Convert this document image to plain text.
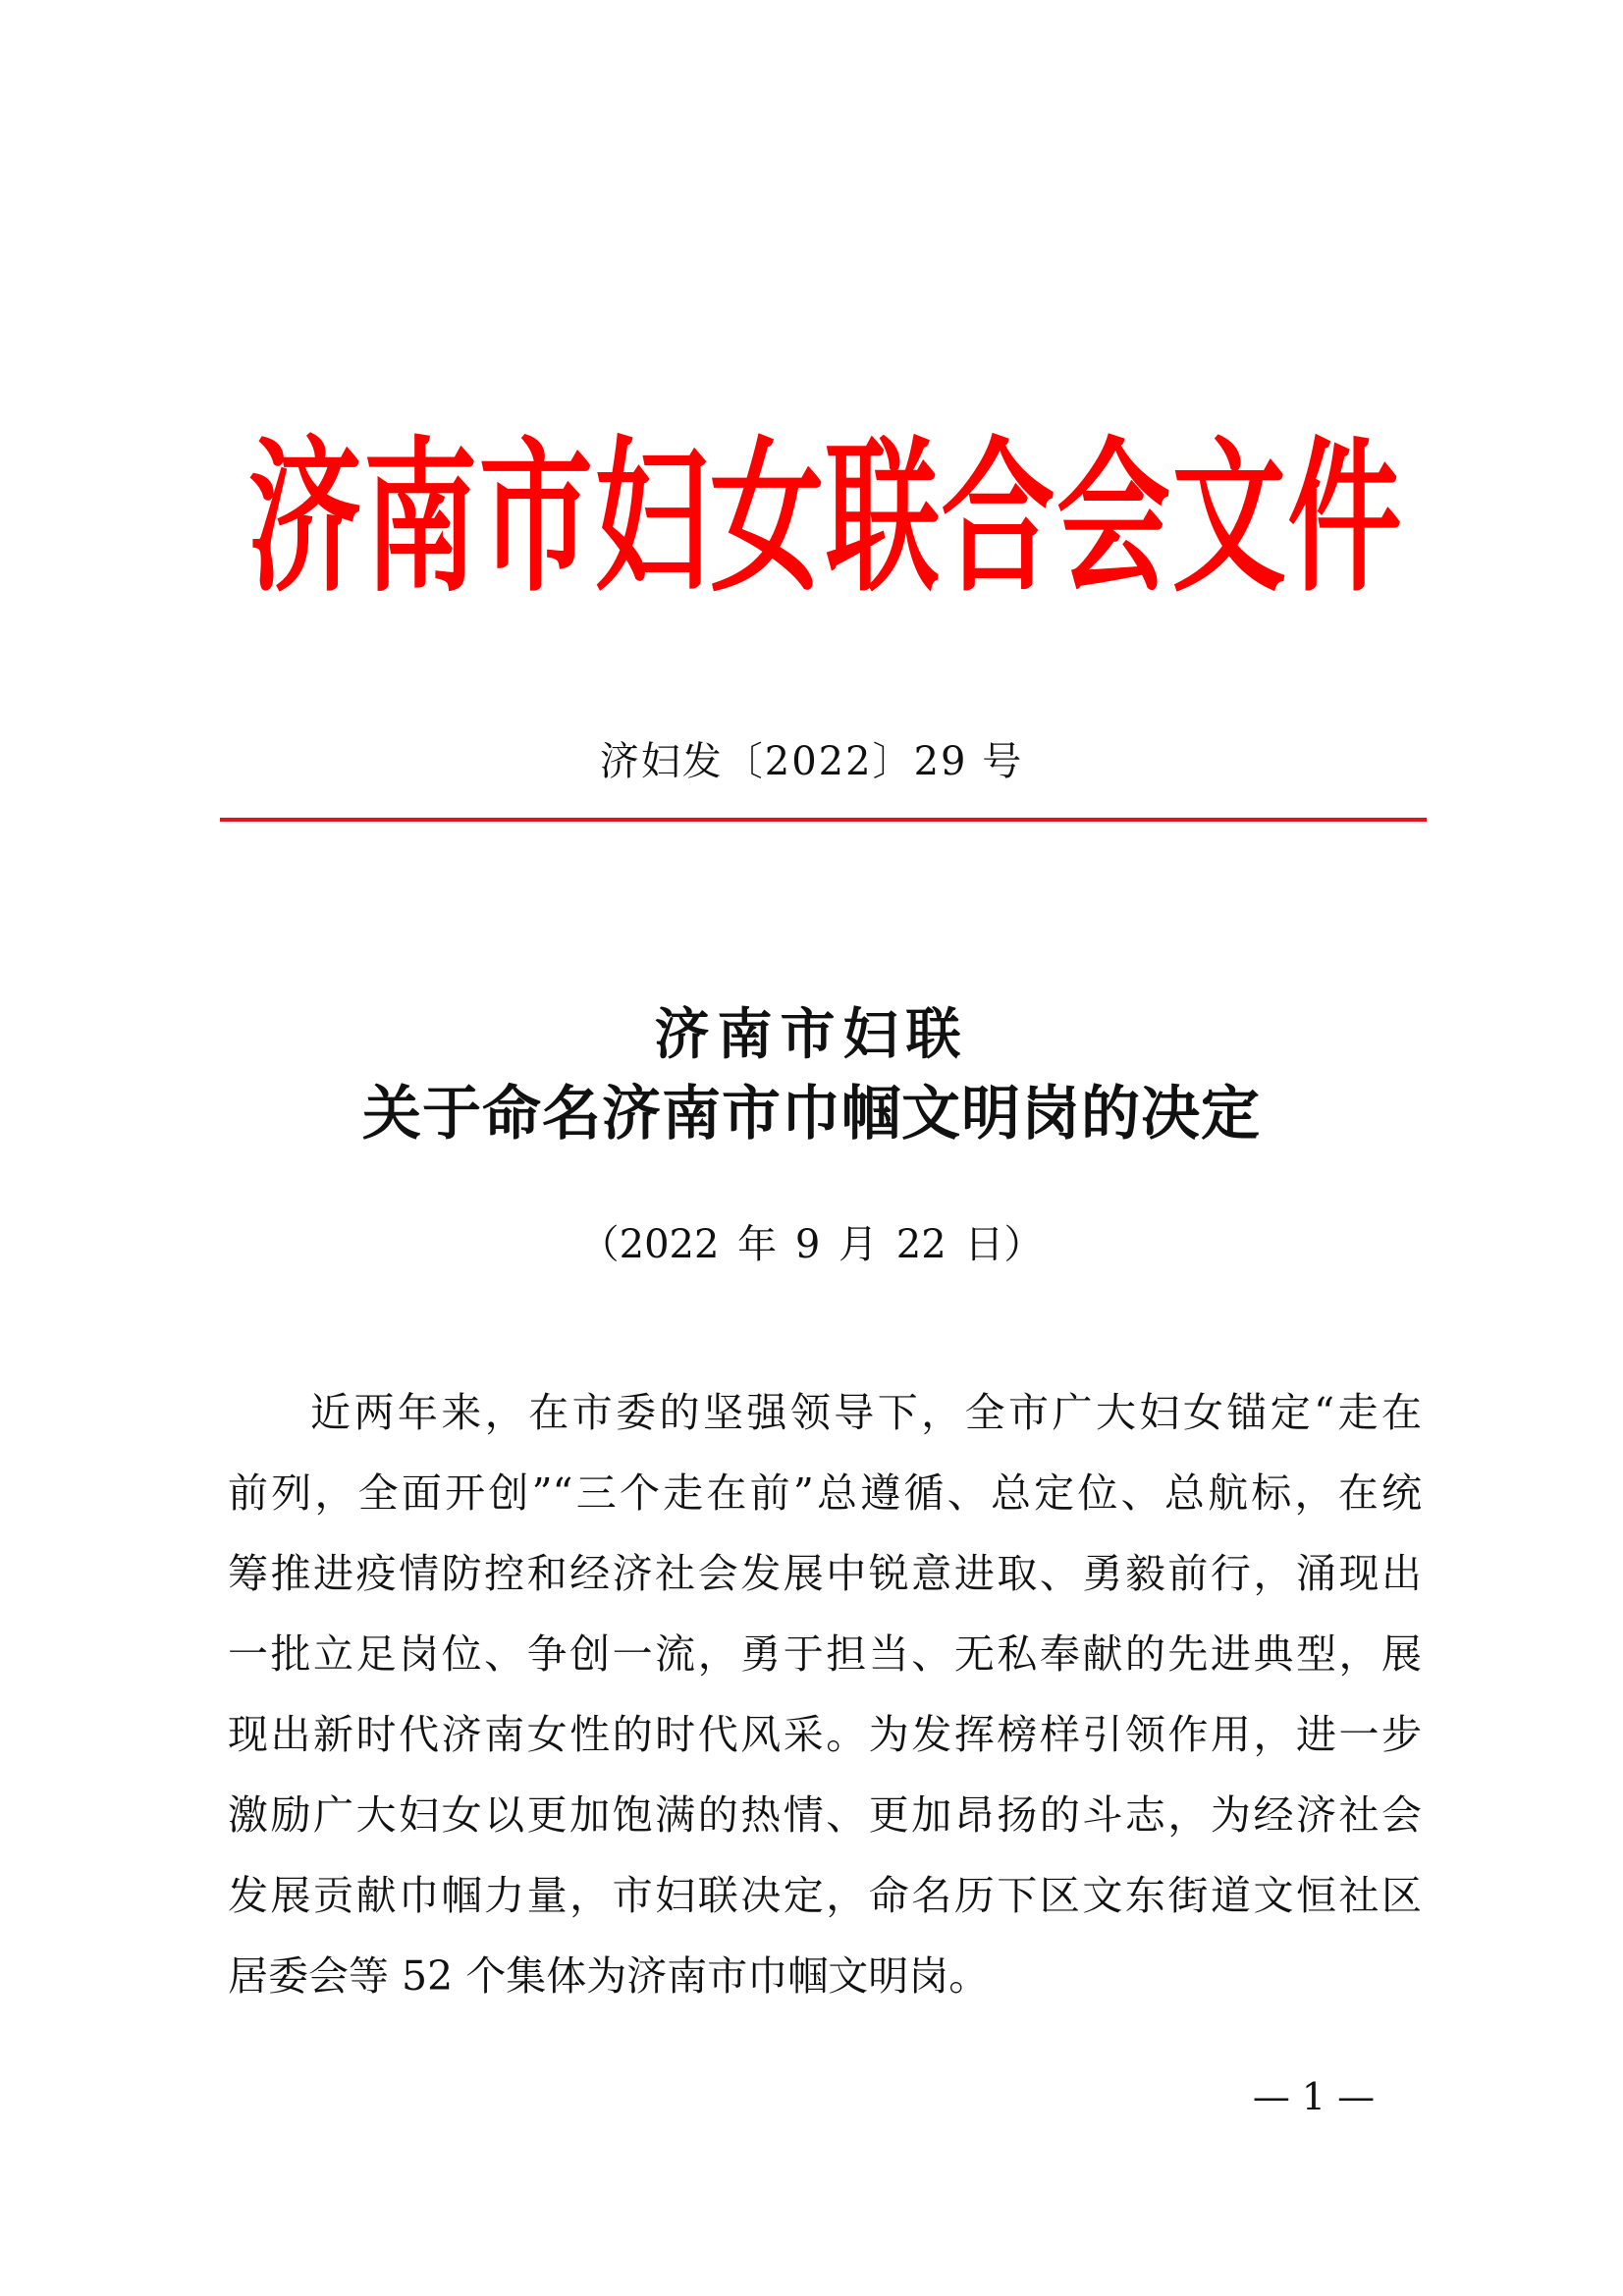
济 南 市 妇 女 联 合 会 文 件
济妇发〔2022〕29 号
济南市妇联
关于命名济南市巾帼文明岗的决定
（2022 年 9 月 22 日）
近两年来，在市委的坚强领导下，全市广大妇女锚定“走在
前列，全面开创”“三个走在前”总遵循、总定位、总航标，在统
筹推进疫情防控和经济社会发展中锐意进取、勇毅前行，涌现出
一批立足岗位、争创一流，勇于担当、无私奉献的先进典型，展
现出新时代济南女性的时代风采。为发挥榜样引领作用，进一步
激励广大妇女以更加饱满的热情、更加昂扬的斗志，为经济社会
发展贡献巾帼力量，市妇联决定，命名历下区文东街道文恒社区
居委会等 52 个集体为济南市巾帼文明岗。
— 1 —
